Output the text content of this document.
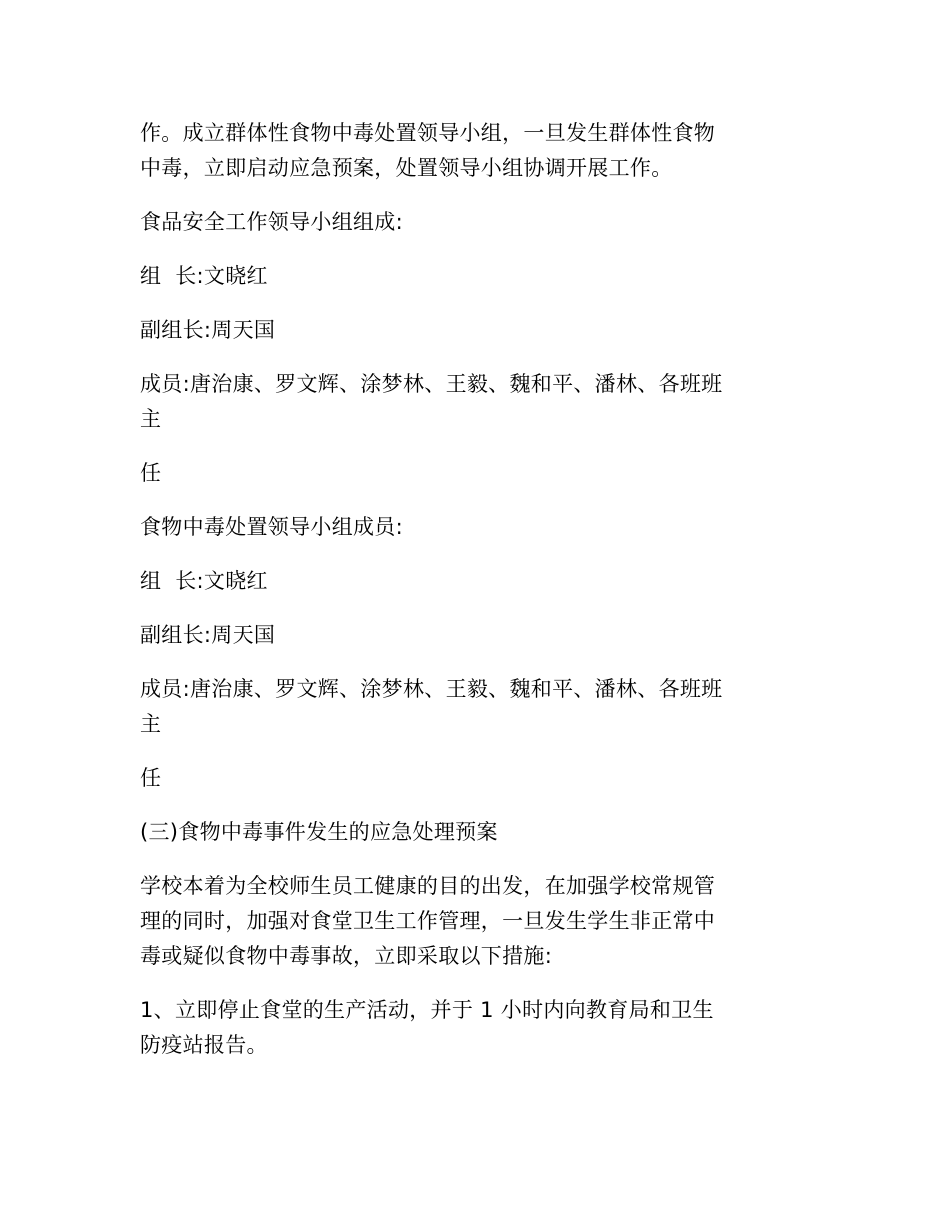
作。成立群体性食物中毒处置领导小组，一旦发生群体性食物
中毒，立即启动应急预案，处置领导小组协调开展工作。

食品安全工作领导小组组成:

组  长:文晓红

副组长:周天国

成员:唐治康、罗文辉、涂梦林、王毅、魏和平、潘林、各班班
主

任

食物中毒处置领导小组成员:

组  长:文晓红

副组长:周天国

成员:唐治康、罗文辉、涂梦林、王毅、魏和平、潘林、各班班
主

任

(三)食物中毒事件发生的应急处理预案

学校本着为全校师生员工健康的目的出发，在加强学校常规管
理的同时，加强对食堂卫生工作管理，一旦发生学生非正常中
毒或疑似食物中毒事故，立即采取以下措施:

1、立即停止食堂的生产活动，并于 1 小时内向教育局和卫生
防疫站报告。
